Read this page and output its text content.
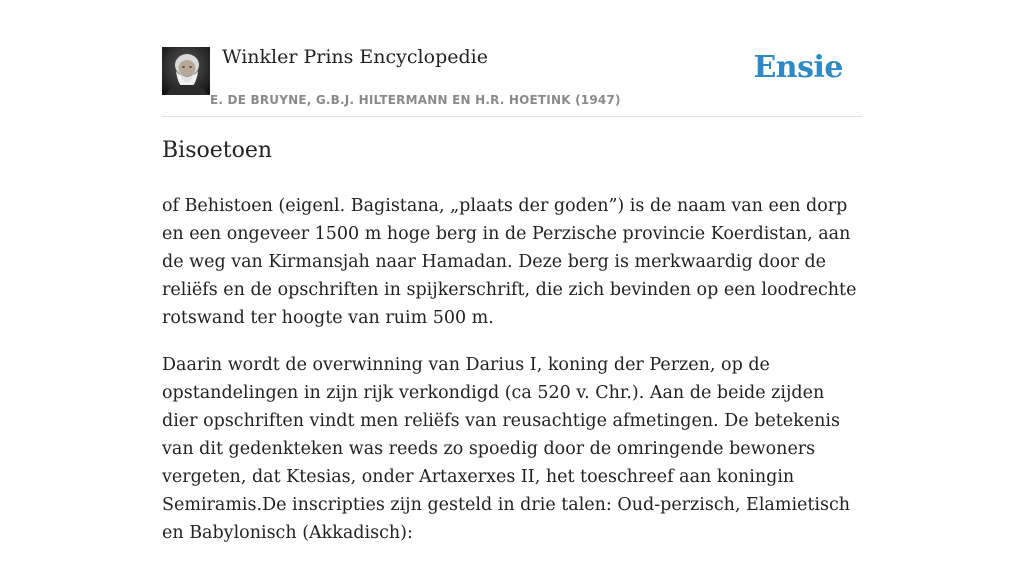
Winkler Prins Encyclopedie
E. DE BRUYNE, G.B.J. HILTERMANN EN H.R. HOETINK (1947)
Ensie
Bisoetoen

of Behistoen (eigenl. Bagistana, „plaats der goden”) is de naam van een dorp en een ongeveer 1500 m hoge berg in de Perzische provincie Koerdistan, aan de weg van Kirmansjah naar Hamadan. Deze berg is merkwaardig door de reliëfs en de opschriften in spijkerschrift, die zich bevinden op een loodrechte rotswand ter hoogte van ruim 500 m.

Daarin wordt de overwinning van Darius I, koning der Perzen, op de opstandelingen in zijn rijk verkondigd (ca 520 v. Chr.). Aan de beide zijden dier opschriften vindt men reliëfs van reusachtige afmetingen. De betekenis van dit gedenkteken was reeds zo spoedig door de omringende bewoners vergeten, dat Ktesias, onder Artaxerxes II, het toeschreef aan koningin Semiramis.De inscripties zijn gesteld in drie talen: Oud-perzisch, Elamietisch en Babylonisch (Akkadisch):
